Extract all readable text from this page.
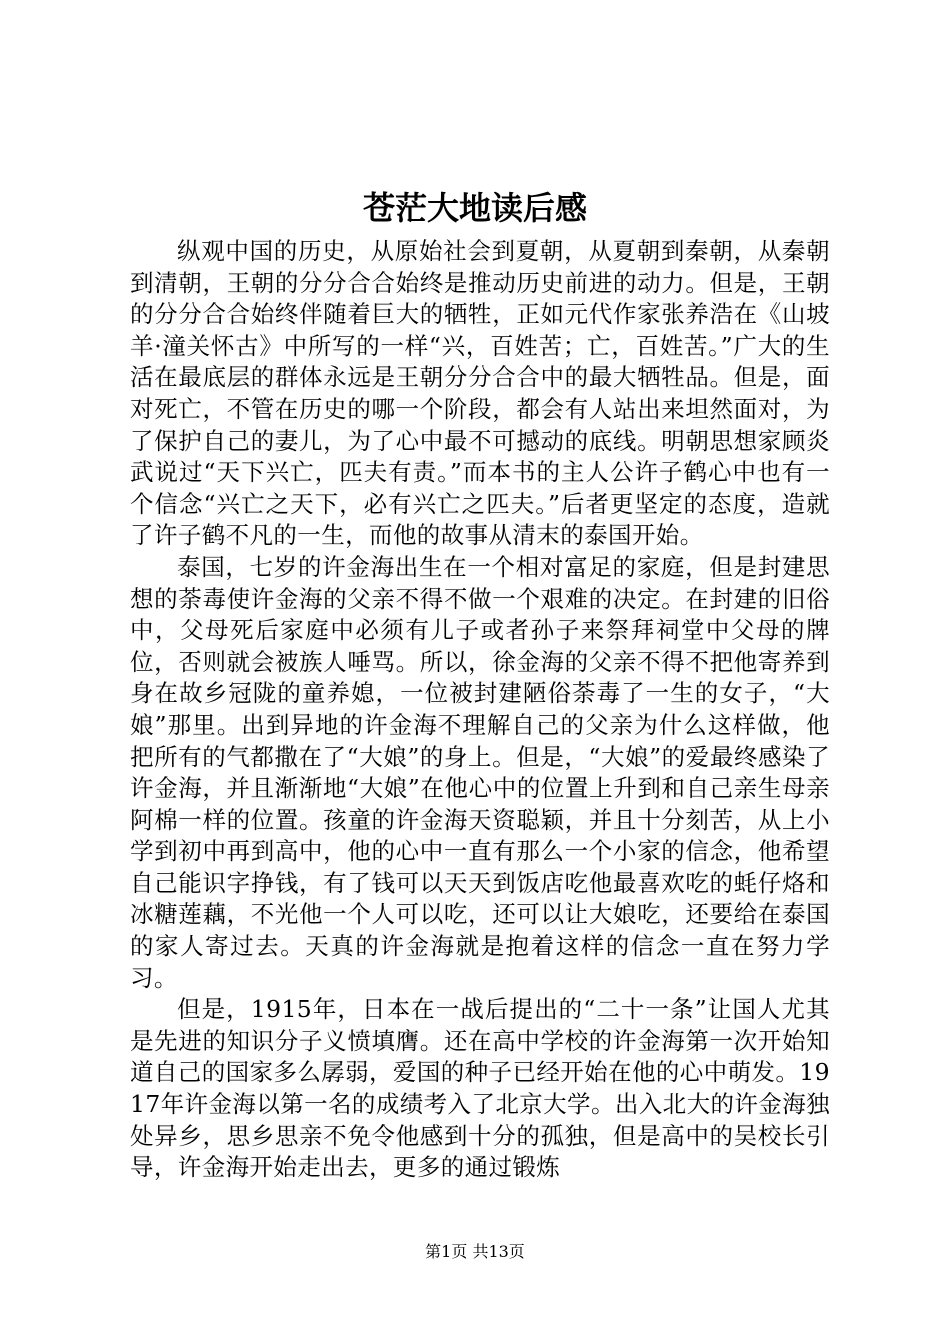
苍茫大地读后感

纵观中国的历史，从原始社会到夏朝，从夏朝到秦朝，从秦朝到清朝，王朝的分分合合始终是推动历史前进的动力。但是，王朝的分分合合始终伴随着巨大的牺牲，正如元代作家张养浩在《山坡羊·潼关怀古》中所写的一样“兴，百姓苦；亡，百姓苦。”广大的生活在最底层的群体永远是王朝分分合合中的最大牺牲品。但是，面对死亡，不管在历史的哪一个阶段，都会有人站出来坦然面对，为了保护自己的妻儿，为了心中最不可撼动的底线。明朝思想家顾炎武说过“天下兴亡，匹夫有责。”而本书的主人公许子鹤心中也有一个信念“兴亡之天下，必有兴亡之匹夫。”后者更坚定的态度，造就了许子鹤不凡的一生，而他的故事从清末的泰国开始。

泰国，七岁的许金海出生在一个相对富足的家庭，但是封建思想的荼毒使许金海的父亲不得不做一个艰难的决定。在封建的旧俗中，父母死后家庭中必须有儿子或者孙子来祭拜祠堂中父母的牌位，否则就会被族人唾骂。所以，徐金海的父亲不得不把他寄养到身在故乡冠陇的童养媳，一位被封建陋俗荼毒了一生的女子，“大娘”那里。出到异地的许金海不理解自己的父亲为什么这样做，他把所有的气都撒在了“大娘”的身上。但是，“大娘”的爱最终感染了许金海，并且渐渐地“大娘”在他心中的位置上升到和自己亲生母亲阿棉一样的位置。孩童的许金海天资聪颖，并且十分刻苦，从上小学到初中再到高中，他的心中一直有那么一个小家的信念，他希望自己能识字挣钱，有了钱可以天天到饭店吃他最喜欢吃的蚝仔烙和冰糖莲藕，不光他一个人可以吃，还可以让大娘吃，还要给在泰国的家人寄过去。天真的许金海就是抱着这样的信念一直在努力学习。

但是，1915年，日本在一战后提出的“二十一条”让国人尤其是先进的知识分子义愤填膺。还在高中学校的许金海第一次开始知道自己的国家多么孱弱，爱国的种子已经开始在他的心中萌发。1917年许金海以第一名的成绩考入了北京大学。出入北大的许金海独处异乡，思乡思亲不免令他感到十分的孤独，但是高中的吴校长引导，许金海开始走出去，更多的通过锻炼

第1页 共13页
